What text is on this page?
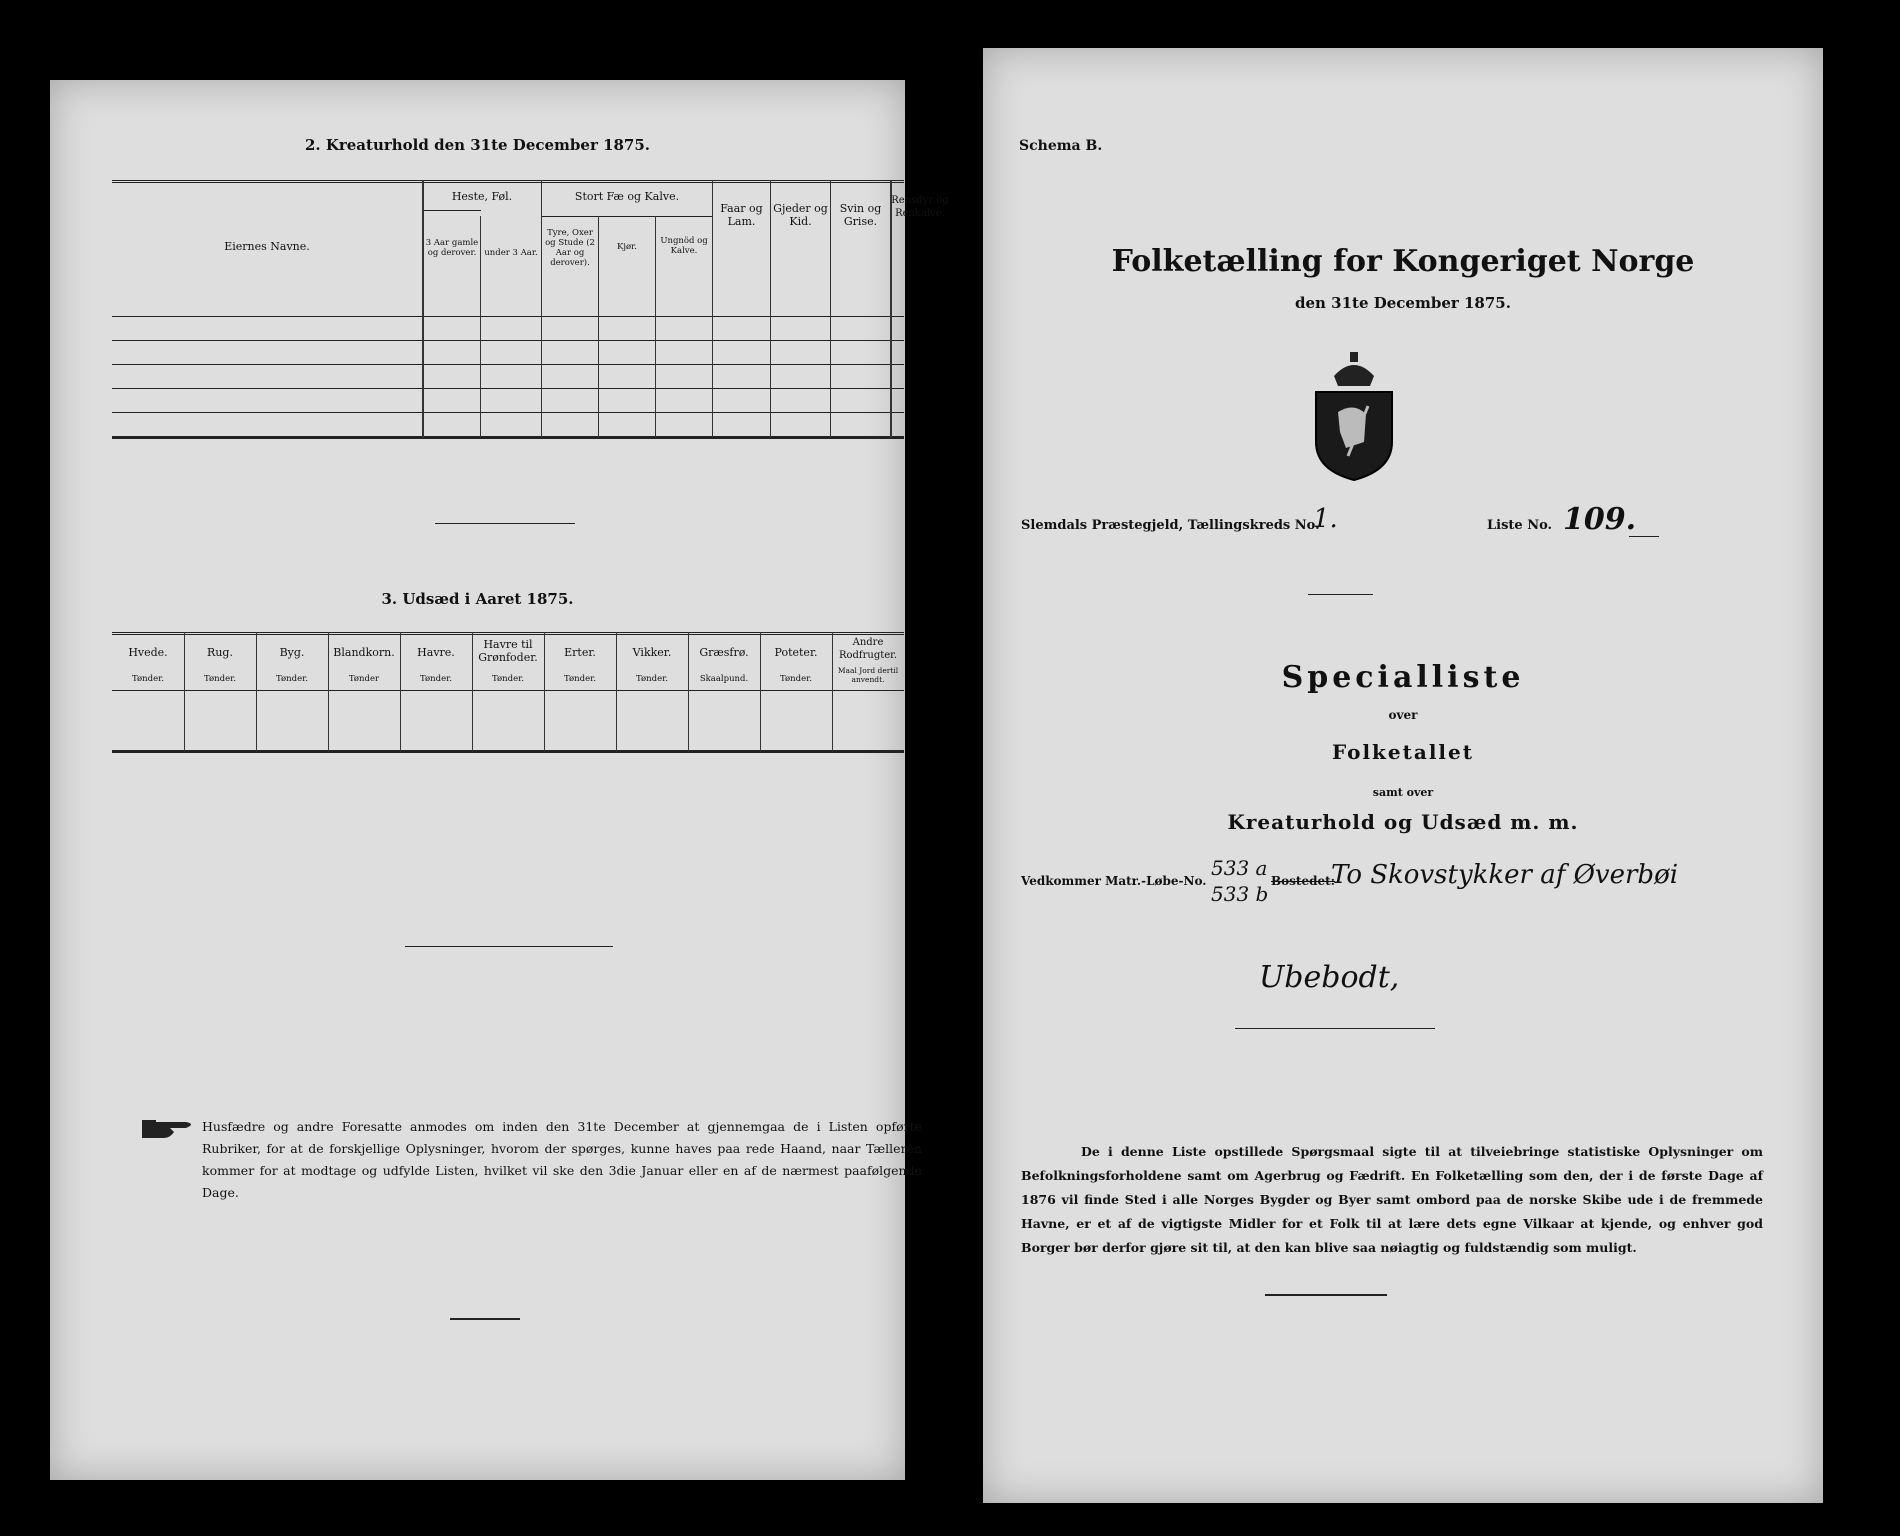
2. Kreaturhold den 31te December 1875.
Eiernes Navne.
Heste, Føl.
3 Aar gamle og derover. under 3 Aar.
Stort Fæ og Kalve.
Tyre, Oxer og Stude (2 Aar og derover).
Kjør.
Ungnöd og Kalve.
Faar og Lam.
Gjeder og Kid.
Svin og Grise.
Rensdyr og Renkalve.
3. Udsæd i Aaret 1875.
Hvede.
Tønder.
Rug.
Tønder.
Byg.
Tønder.
Blandkorn.
Tønder
Havre.
Tønder.
Havre til Grønfoder.
Tønder.
Erter.
Tønder.
Vikker.
Tønder.
Græsfrø.
Skaalpund.
Poteter.
Tønder.
Andre Rodfrugter.
Maal Jord dertil anvendt.
Husfædre og andre Foresatte anmodes om inden den 31te December at gjennemgaa de i Listen opførte Rubriker, for at de forskjellige Oplysninger, hvorom der spørges, kunne haves paa rede Haand, naar Tælleren kommer for at modtage og udfylde Listen, hvilket vil ske den 3die Januar eller en af de nærmest paafølgende Dage.
Schema B.
Folketælling for Kongeriget Norge
den 31te December 1875.
Slemdals Præstegjeld, Tællingskreds No.
1.	Liste No. 109.
Specialliste
over
Folketallet
samt over
Kreaturhold og Udsæd m. m.
Vedkommer Matr.-Løbe-No.
533 a
533 b
Bostedet:
To Skovstykker af Øverbøi
Ubebodt,
De i denne Liste opstillede Spørgsmaal sigte til at tilveiebringe statistiske Oplysninger om Befolkningsforholdene samt om Agerbrug og Fædrift. En Folketælling som den, der i de første Dage af 1876 vil finde Sted i alle Norges Bygder og Byer samt ombord paa de norske Skibe ude i de fremmede Havne, er et af de vigtigste Midler for et Folk til at lære dets egne Vilkaar at kjende, og enhver god Borger bør derfor gjøre sit til, at den kan blive saa nøiagtig og fuldstændig som muligt.
